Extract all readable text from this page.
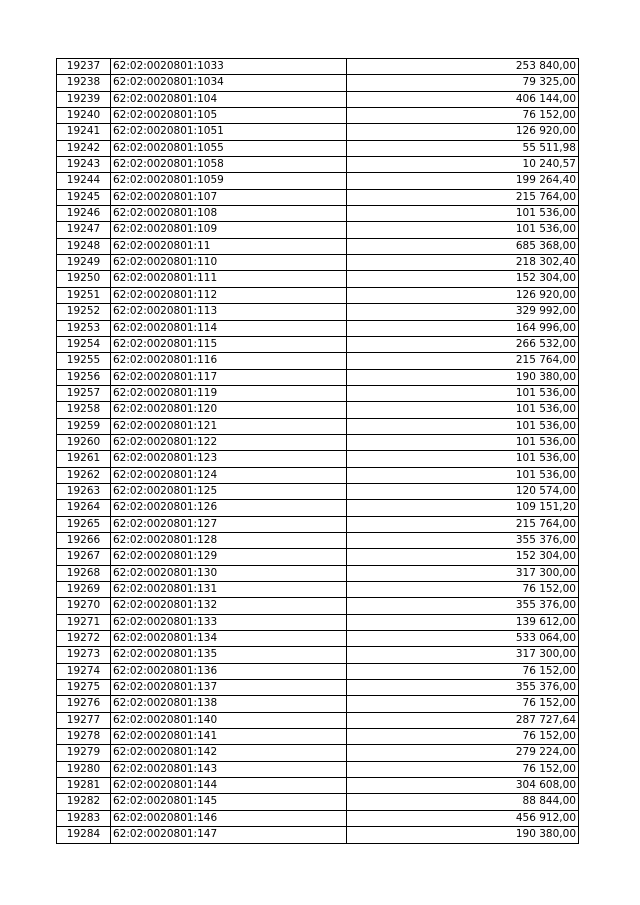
19237	62:02:0020801:1033	253 840,00
19238	62:02:0020801:1034	79 325,00
19239	62:02:0020801:104	406 144,00
19240	62:02:0020801:105	76 152,00
19241	62:02:0020801:1051	126 920,00
19242	62:02:0020801:1055	55 511,98
19243	62:02:0020801:1058	10 240,57
19244	62:02:0020801:1059	199 264,40
19245	62:02:0020801:107	215 764,00
19246	62:02:0020801:108	101 536,00
19247	62:02:0020801:109	101 536,00
19248	62:02:0020801:11	685 368,00
19249	62:02:0020801:110	218 302,40
19250	62:02:0020801:111	152 304,00
19251	62:02:0020801:112	126 920,00
19252	62:02:0020801:113	329 992,00
19253	62:02:0020801:114	164 996,00
19254	62:02:0020801:115	266 532,00
19255	62:02:0020801:116	215 764,00
19256	62:02:0020801:117	190 380,00
19257	62:02:0020801:119	101 536,00
19258	62:02:0020801:120	101 536,00
19259	62:02:0020801:121	101 536,00
19260	62:02:0020801:122	101 536,00
19261	62:02:0020801:123	101 536,00
19262	62:02:0020801:124	101 536,00
19263	62:02:0020801:125	120 574,00
19264	62:02:0020801:126	109 151,20
19265	62:02:0020801:127	215 764,00
19266	62:02:0020801:128	355 376,00
19267	62:02:0020801:129	152 304,00
19268	62:02:0020801:130	317 300,00
19269	62:02:0020801:131	76 152,00
19270	62:02:0020801:132	355 376,00
19271	62:02:0020801:133	139 612,00
19272	62:02:0020801:134	533 064,00
19273	62:02:0020801:135	317 300,00
19274	62:02:0020801:136	76 152,00
19275	62:02:0020801:137	355 376,00
19276	62:02:0020801:138	76 152,00
19277	62:02:0020801:140	287 727,64
19278	62:02:0020801:141	76 152,00
19279	62:02:0020801:142	279 224,00
19280	62:02:0020801:143	76 152,00
19281	62:02:0020801:144	304 608,00
19282	62:02:0020801:145	88 844,00
19283	62:02:0020801:146	456 912,00
19284	62:02:0020801:147	190 380,00
